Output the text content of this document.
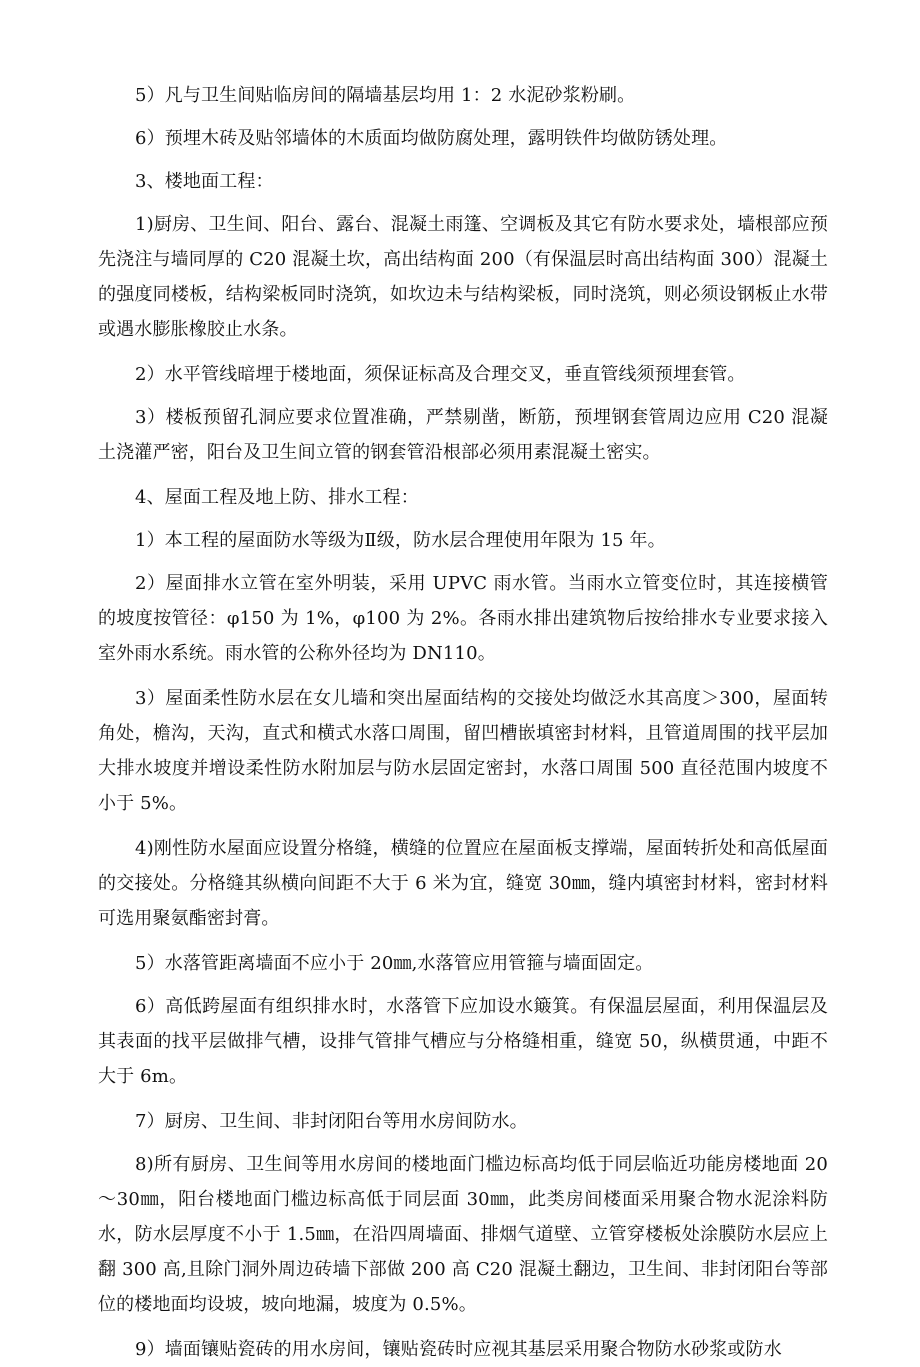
5）凡与卫生间贴临房间的隔墙基层均用 1：2 水泥砂浆粉刷。

6）预埋木砖及贴邻墙体的木质面均做防腐处理，露明铁件均做防锈处理。

3、楼地面工程：

1)厨房、卫生间、阳台、露台、混凝土雨篷、空调板及其它有防水要求处，墙根部应预先浇注与墙同厚的 C20 混凝土坎，高出结构面 200（有保温层时高出结构面 300）混凝土的强度同楼板，结构梁板同时浇筑，如坎边未与结构梁板，同时浇筑，则必须设钢板止水带或遇水膨胀橡胶止水条。

2）水平管线暗埋于楼地面，须保证标高及合理交叉，垂直管线须预埋套管。

3）楼板预留孔洞应要求位置准确，严禁剔凿，断筋，预埋钢套管周边应用 C20 混凝土浇灌严密，阳台及卫生间立管的钢套管沿根部必须用素混凝土密实。

4、屋面工程及地上防、排水工程：

1）本工程的屋面防水等级为Ⅱ级，防水层合理使用年限为 15 年。

2）屋面排水立管在室外明装，采用 UPVC 雨水管。当雨水立管变位时，其连接横管的坡度按管径：φ150 为 1%，φ100 为 2%。各雨水排出建筑物后按给排水专业要求接入室外雨水系统。雨水管的公称外径均为 DN110。

3）屋面柔性防水层在女儿墙和突出屋面结构的交接处均做泛水其高度＞300，屋面转角处，檐沟，天沟，直式和横式水落口周围，留凹槽嵌填密封材料，且管道周围的找平层加大排水坡度并增设柔性防水附加层与防水层固定密封，水落口周围 500 直径范围内坡度不小于 5%。

4)刚性防水屋面应设置分格缝，横缝的位置应在屋面板支撑端，屋面转折处和高低屋面的交接处。分格缝其纵横向间距不大于 6 米为宜，缝宽 30㎜，缝内填密封材料，密封材料可选用聚氨酯密封膏。

5）水落管距离墙面不应小于 20㎜,水落管应用管箍与墙面固定。

6）高低跨屋面有组织排水时，水落管下应加设水簸箕。有保温层屋面，利用保温层及其表面的找平层做排气槽，设排气管排气槽应与分格缝相重，缝宽 50，纵横贯通，中距不大于 6m。

7）厨房、卫生间、非封闭阳台等用水房间防水。

8)所有厨房、卫生间等用水房间的楼地面门槛边标高均低于同层临近功能房楼地面 20～30㎜，阳台楼地面门槛边标高低于同层面 30㎜，此类房间楼面采用聚合物水泥涂料防水，防水层厚度不小于 1.5㎜，在沿四周墙面、排烟气道壁、立管穿楼板处涂膜防水层应上翻 300 高,且除门洞外周边砖墙下部做 200 高 C20 混凝土翻边，卫生间、非封闭阳台等部位的楼地面均设坡，坡向地漏，坡度为 0.5%。

9）墙面镶贴瓷砖的用水房间，镶贴瓷砖时应视其基层采用聚合物防水砂浆或防水
